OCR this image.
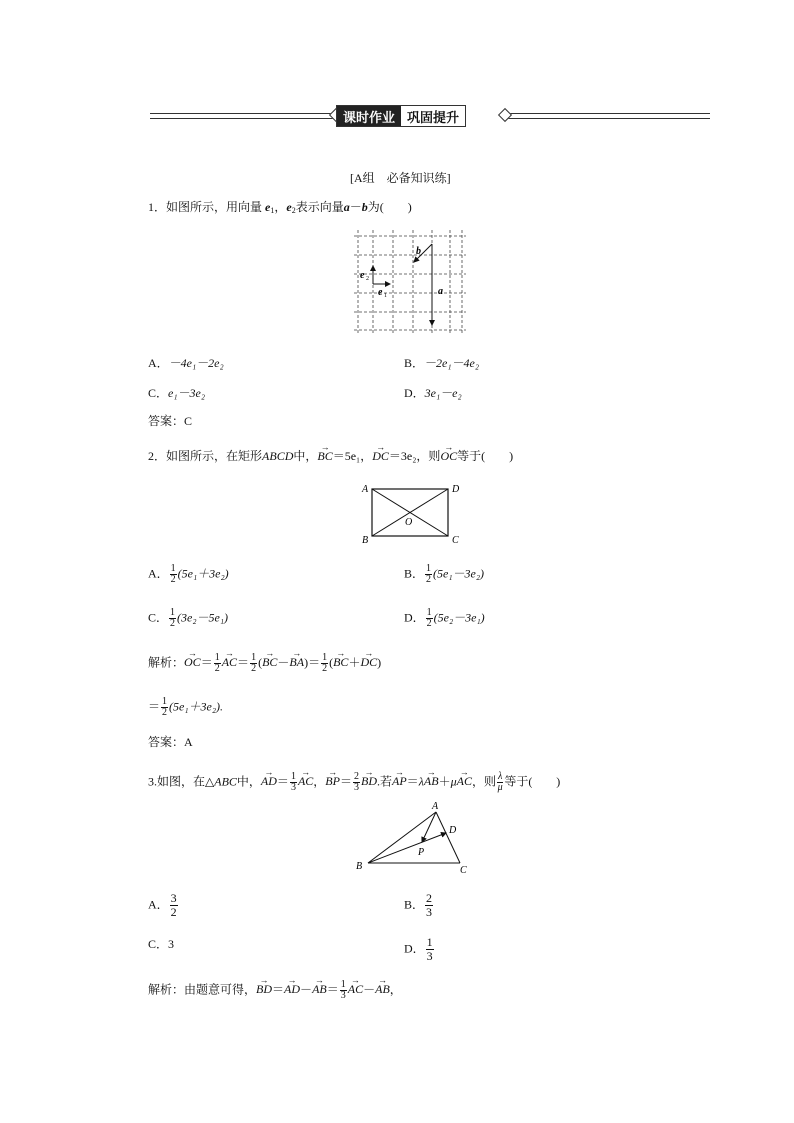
课时作业 巩固提升
[A组　必备知识练]
1．如图所示，用向量 $e_1$，$e_2$表示向量a－b为(　　)
b
e 2
e 1	a
A．－4e₁－2e₂	B．－2e₁－4e₂
C．e₁－3e₂	D．3e₁－e₂
答案：C
2．如图所示，在矩形ABCD中，→ BC＝5e₁，→ DC＝3e₂，则→ OC等于(　　)
A	D
O
B	C
A． $\frac{1}{2} (5e_1+3e_2)$	B． $\frac{1}{2} (5e_1-3e_2)$
C． $\frac{1}{2} (3e_2-5e_1)$	D． $\frac{1}{2} (5e_2-3e_1)$
解析：→ $OC= \frac{1}{2}$
→ $AC= \frac{1}{2}$ (→ $BC-\to BA)= \frac{1}{2}$ (→ BC＋→ DC)
＝ $\frac{1}{2} (5e_1+3e_2)$.
答案：A
3.如图，在△ABC中，→ $AD= \frac{1}{3}$
→ AC，→ $BP= \frac{2}{3}$
→ BD.若→ AP＝λ→ AB＋μ→ AC，则 $\frac{\lambda}{\mu}$ 等于(　　)
A
D
P
B	C
A． $\frac{3}{2}$	B． $\frac{2}{3}$
C．3	D． $\frac{1}{3}$
解析：由题意可得，→ $BD=\to AD-\to AB= \frac{1}{3}$
→ AC－→ AB，
